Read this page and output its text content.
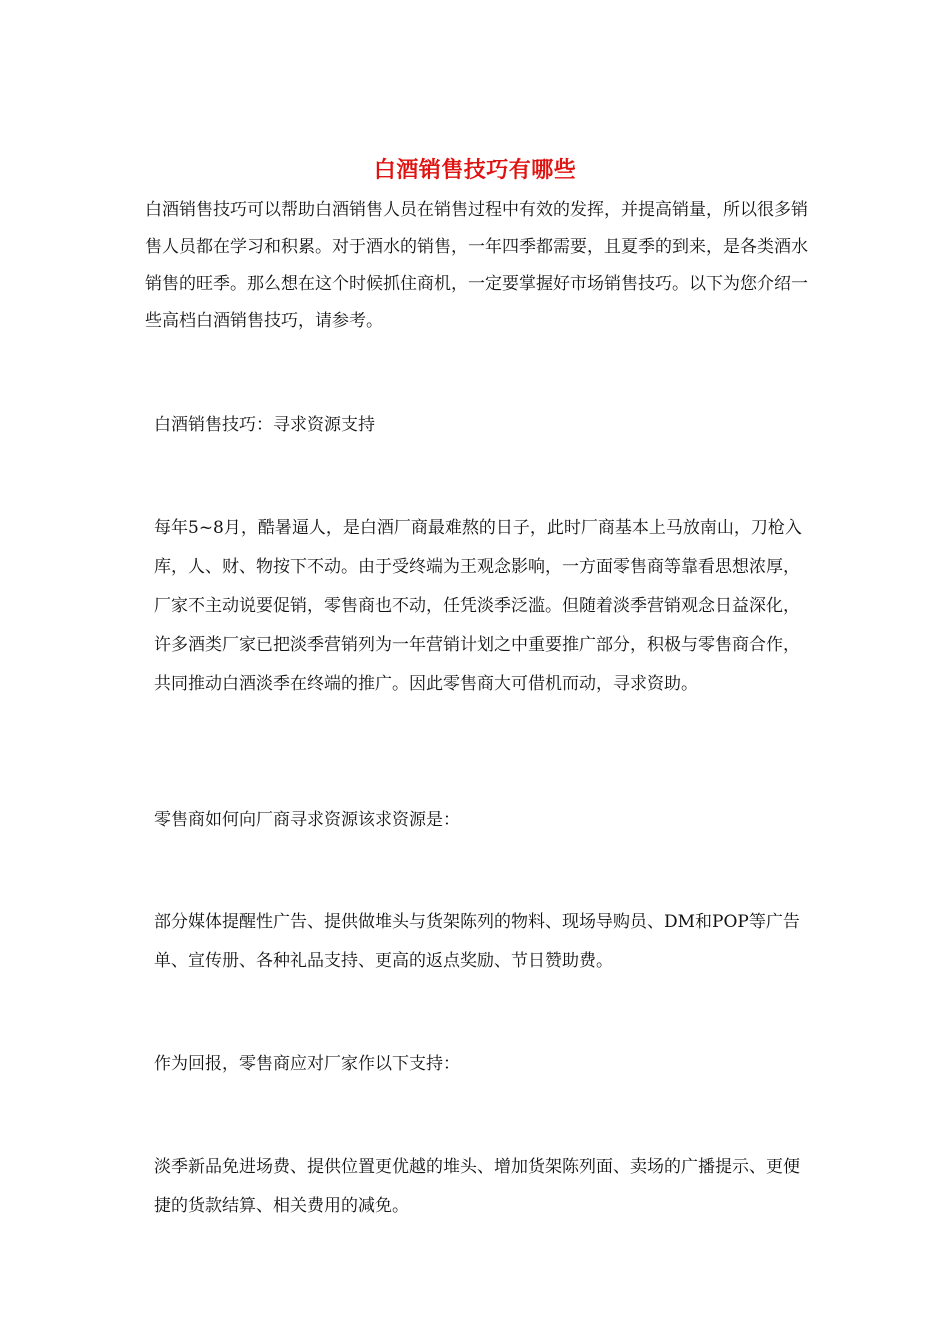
白酒销售技巧有哪些

白酒销售技巧可以帮助白酒销售人员在销售过程中有效的发挥，并提高销量，所以很多销售人员都在学习和积累。对于酒水的销售，一年四季都需要，且夏季的到来，是各类酒水销售的旺季。那么想在这个时候抓住商机，一定要掌握好市场销售技巧。以下为您介绍一些高档白酒销售技巧，请参考。

白酒销售技巧：寻求资源支持

每年5~8月，酷暑逼人，是白酒厂商最难熬的日子，此时厂商基本上马放南山，刀枪入库，人、财、物按下不动。由于受终端为王观念影响，一方面零售商等靠看思想浓厚，厂家不主动说要促销，零售商也不动，任凭淡季泛滥。但随着淡季营销观念日益深化，许多酒类厂家已把淡季营销列为一年营销计划之中重要推广部分，积极与零售商合作，共同推动白酒淡季在终端的推广。因此零售商大可借机而动，寻求资助。

零售商如何向厂商寻求资源该求资源是：

部分媒体提醒性广告、提供做堆头与货架陈列的物料、现场导购员、DM和POP等广告单、宣传册、各种礼品支持、更高的返点奖励、节日赞助费。

作为回报，零售商应对厂家作以下支持：

淡季新品免进场费、提供位置更优越的堆头、增加货架陈列面、卖场的广播提示、更便捷的货款结算、相关费用的减免。
